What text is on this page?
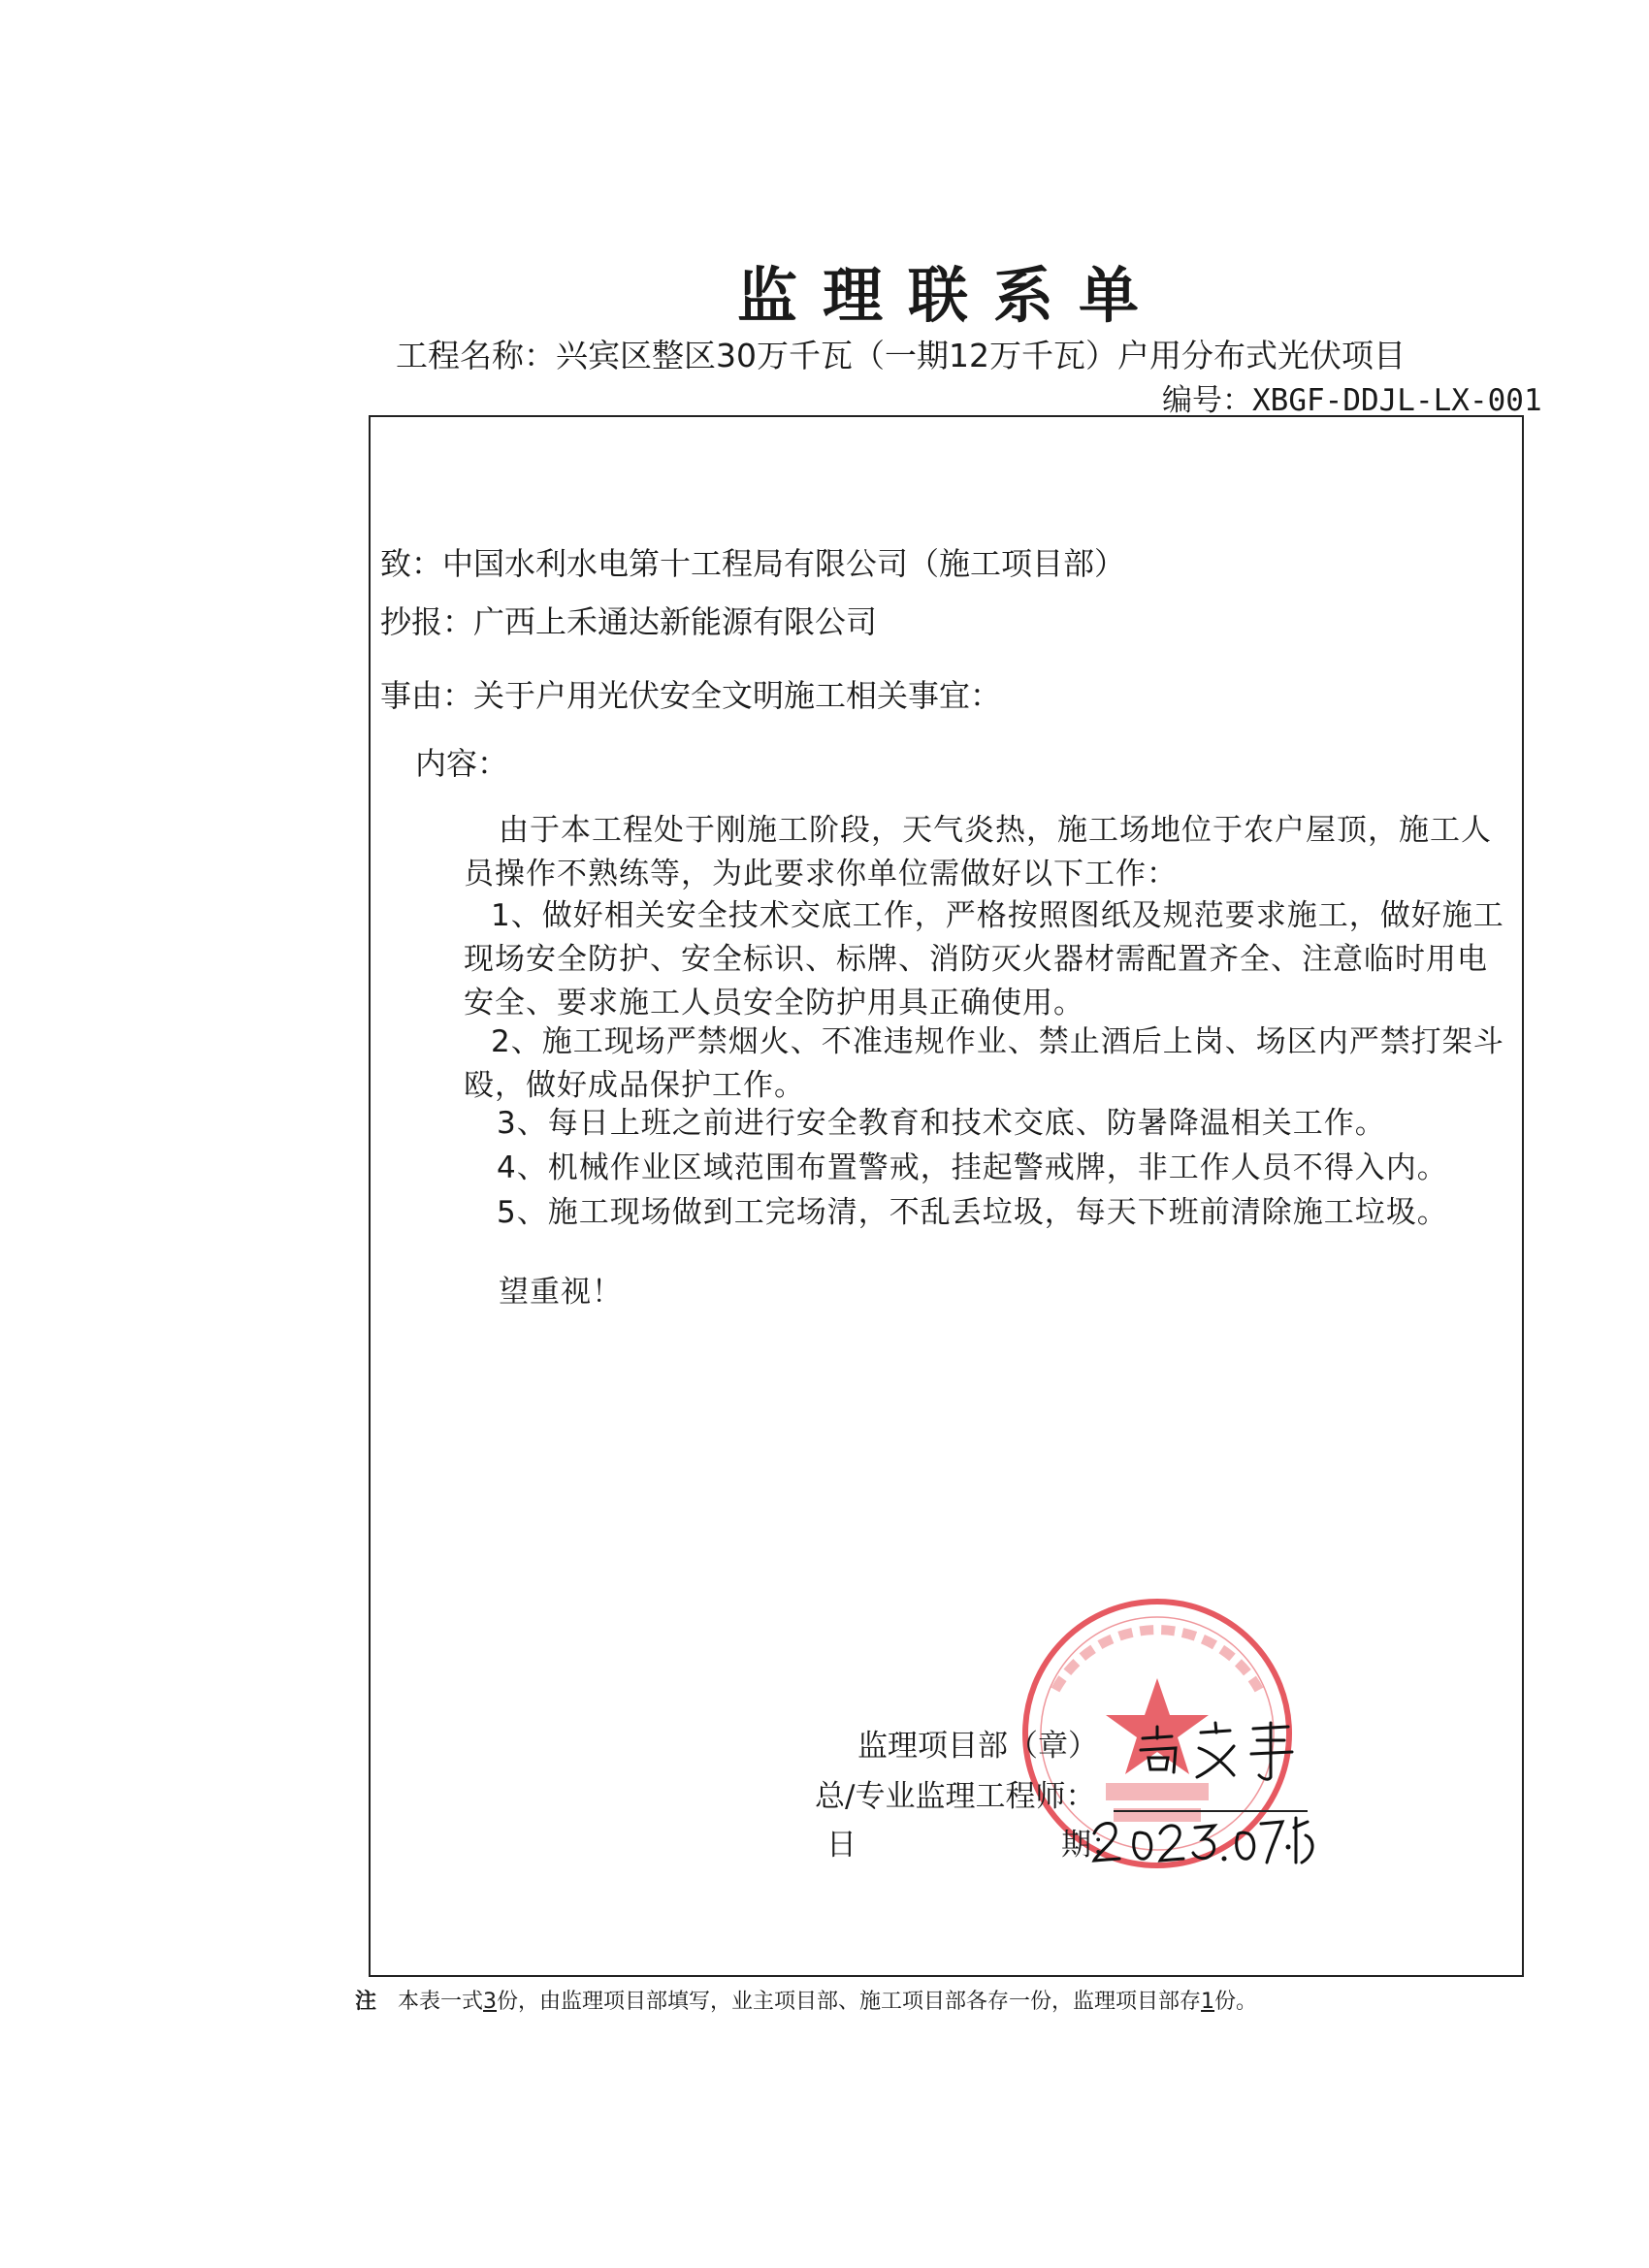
监理联系单
工程名称：兴宾区整区30万千瓦（一期12万千瓦）户用分布式光伏项目
编号：XBGF-DDJL-LX-001
致：中国水利水电第十工程局有限公司（施工项目部）
抄报：广西上禾通达新能源有限公司
事由：关于户用光伏安全文明施工相关事宜：
内容：
由于本工程处于刚施工阶段，天气炎热，施工场地位于农户屋顶，施工人员操作不熟练等，为此要求你单位需做好以下工作：
1、做好相关安全技术交底工作，严格按照图纸及规范要求施工，做好施工现场安全防护、安全标识、标牌、消防灭火器材需配置齐全、注意临时用电安全、要求施工人员安全防护用具正确使用。
2、施工现场严禁烟火、不准违规作业、禁止酒后上岗、场区内严禁打架斗殴，做好成品保护工作。
3、每日上班之前进行安全教育和技术交底、防暑降温相关工作。
4、机械作业区域范围布置警戒，挂起警戒牌，非工作人员不得入内。
5、施工现场做到工完场清，不乱丢垃圾，每天下班前清除施工垃圾。
望重视！
监理项目部（章）
总/专业监理工程师：
日	期：
注 本表一式3份，由监理项目部填写，业主项目部、施工项目部各存一份，监理项目部存1份。
